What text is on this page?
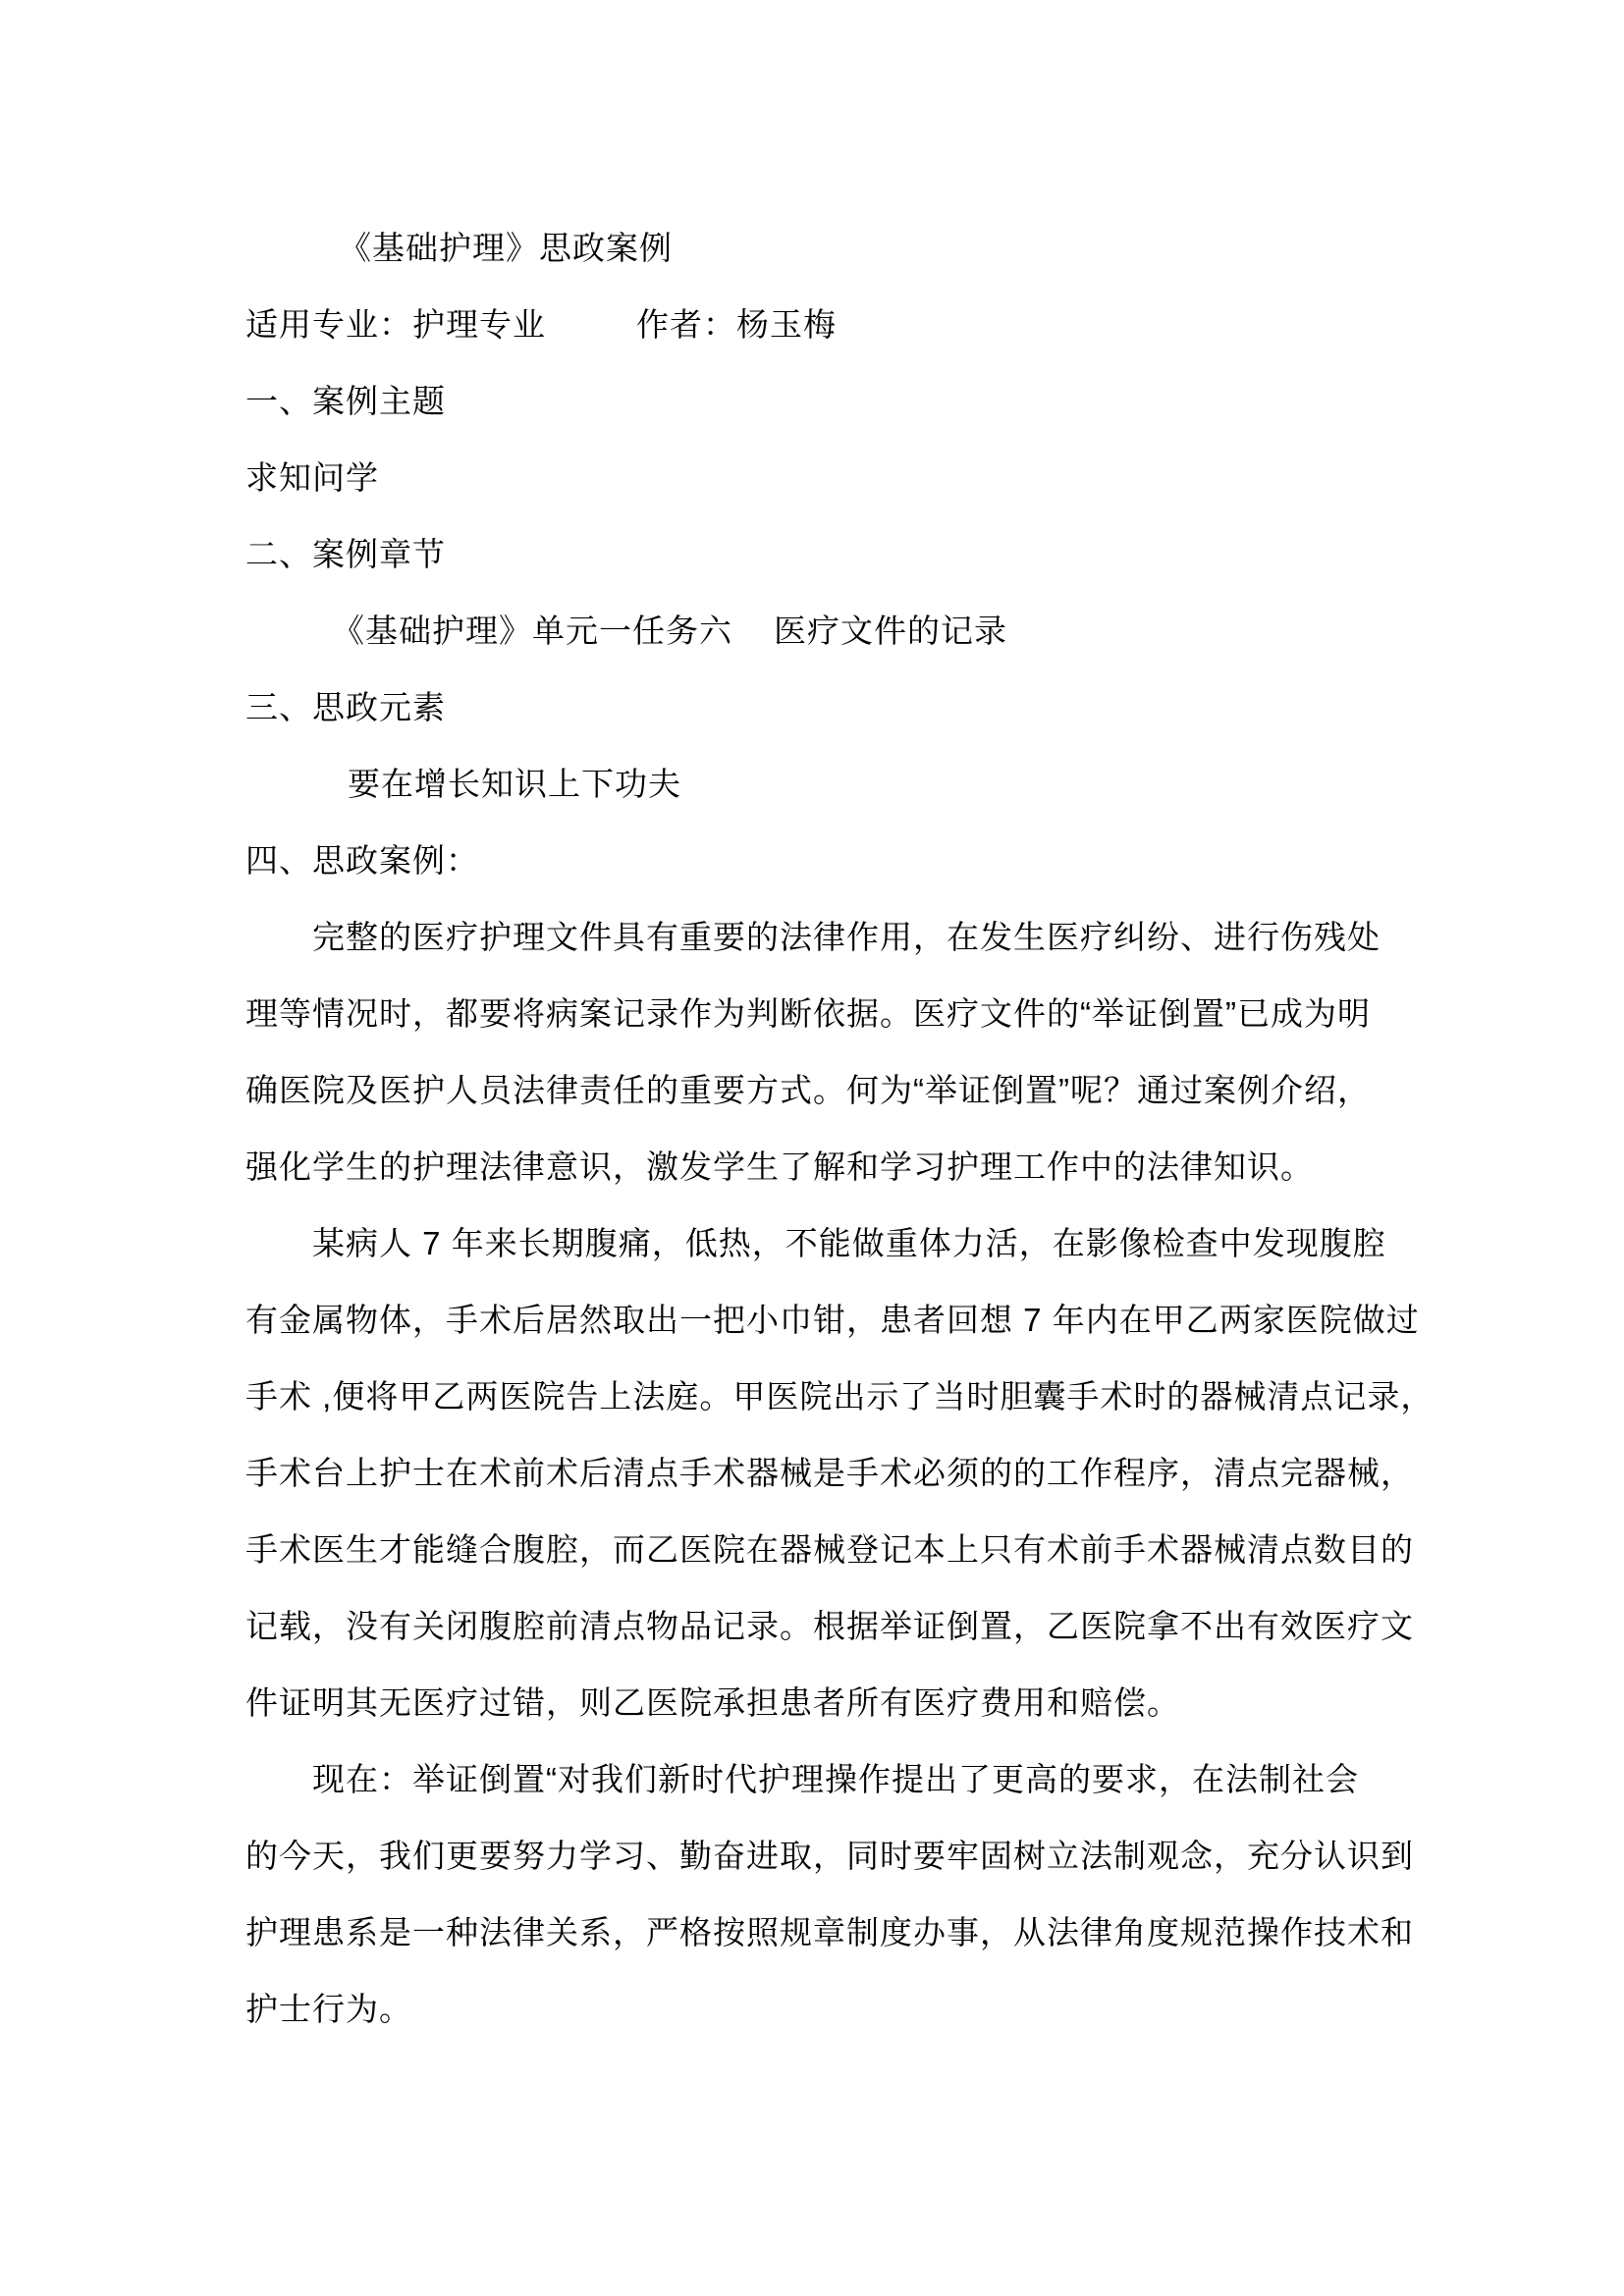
《基础护理》思政案例
适用专业：护理专业	作者：杨玉梅
一、案例主题
求知问学
二、案例章节
《基础护理》单元一任务六 医疗文件的记录
三、思政元素
要在增长知识上下功夫
四、思政案例：
完整的医疗护理文件具有重要的法律作用，在发生医疗纠纷、进行伤残处
理等情况时，都要将病案记录作为判断依据。医疗文件的“举证倒置”已成为明
确医院及医护人员法律责任的重要方式。何为“举证倒置”呢？通过案例介绍，
强化学生的护理法律意识，激发学生了解和学习护理工作中的法律知识。
某病人 7 年来长期腹痛，低热，不能做重体力活，在影像检查中发现腹腔
有金属物体，手术后居然取出一把小巾钳，患者回想 7 年内在甲乙两家医院做过
手术 ,便将甲乙两医院告上法庭。甲医院出示了当时胆囊手术时的器械清点记录，
手术台上护士在术前术后清点手术器械是手术必须的的工作程序，清点完器械，
手术医生才能缝合腹腔，而乙医院在器械登记本上只有术前手术器械清点数目的
记载，没有关闭腹腔前清点物品记录。根据举证倒置，乙医院拿不出有效医疗文
件证明其无医疗过错，则乙医院承担患者所有医疗费用和赔偿。
现在：举证倒置“对我们新时代护理操作提出了更高的要求，在法制社会
的今天，我们更要努力学习、勤奋进取，同时要牢固树立法制观念，充分认识到
护理患系是一种法律关系，严格按照规章制度办事，从法律角度规范操作技术和
护士行为。
